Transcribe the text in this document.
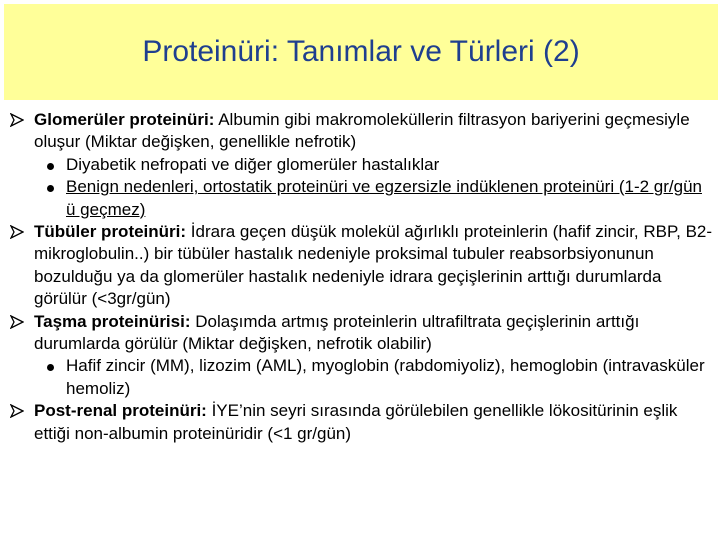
Proteinüri: Tanımlar ve Türleri (2)
Glomerüler proteinüri: Albumin gibi makromoleküllerin filtrasyon bariyerini geçmesiyle oluşur (Miktar değişken, genellikle nefrotik)
Diyabetik nefropati ve diğer glomerüler hastalıklar
Benign nedenleri, ortostatik proteinüri ve egzersizle indüklenen proteinüri (1-2 gr/gün ü geçmez)
Tübüler proteinüri: İdrara geçen düşük molekül ağırlıklı proteinlerin (hafif zincir, RBP, B2-mikroglobulin..) bir tübüler hastalık nedeniyle proksimal tubuler reabsorbsiyonunun bozulduğu ya da glomerüler hastalık nedeniyle idrara geçişlerinin arttığı durumlarda görülür (<3gr/gün)
Taşma proteinürisi: Dolaşımda artmış proteinlerin ultrafiltrata geçişlerinin arttığı durumlarda görülür (Miktar değişken, nefrotik olabilir)
Hafif zincir (MM), lizozim (AML), myoglobin (rabdomiyoliz), hemoglobin (intravasküler hemoliz)
Post-renal proteinüri: İYE’nin seyri sırasında görülebilen genellikle lökositürinin eşlik ettiği non-albumin proteinüridir (<1 gr/gün)
